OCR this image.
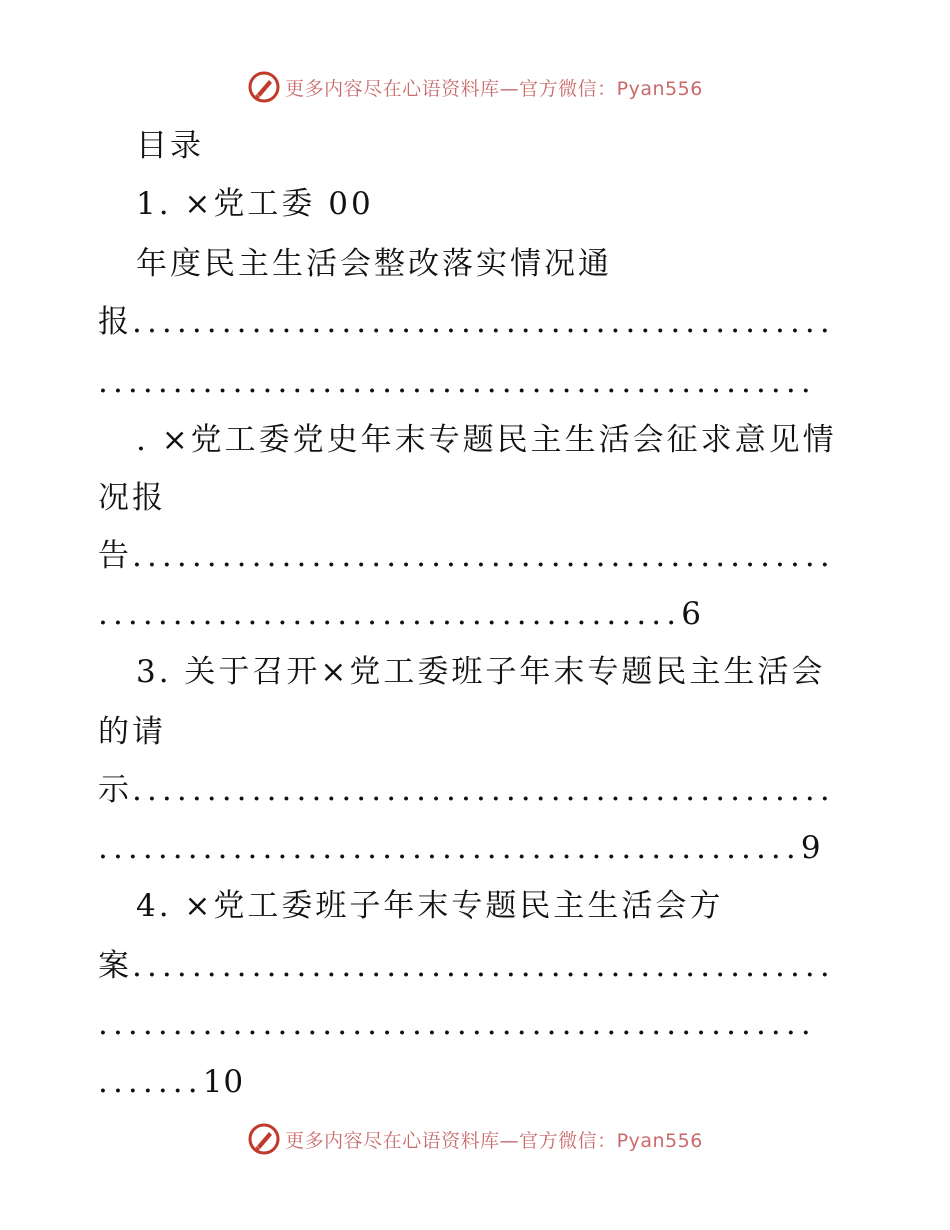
更多内容尽在心语资料库—官方微信：Pyan556
目录
1. ×党工委 00
年度民主生活会整改落实情况通
报...............................................
................................................
. ×党工委党史年末专题民主生活会征求意见情
况报
告...............................................
.......................................6
3. 关于召开×党工委班子年末专题民主生活会
的请
示...............................................
...............................................9
4. ×党工委班子年末专题民主生活会方
案...............................................
................................................
.......10
更多内容尽在心语资料库—官方微信：Pyan556
